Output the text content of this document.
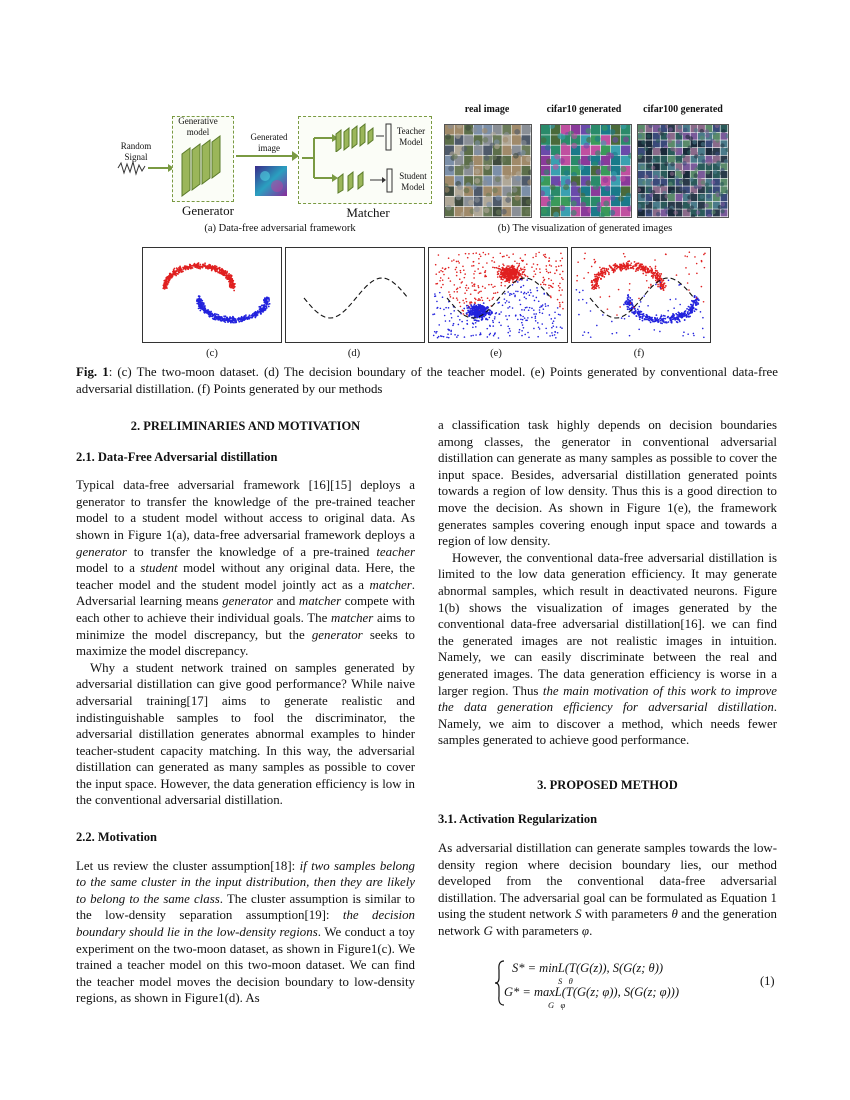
Random Signal
Generative model
Generator
Generated image
Teacher Model
Student Model
Matcher
(a) Data-free adversarial framework
real image	cifar10 generated	cifar100 generated
(b) The visualization of generated images
(c)	(d)	(e)	(f)
Fig. 1: (c) The two-moon dataset. (d) The decision boundary of the teacher model. (e) Points generated by conventional data-free adversarial distillation. (f) Points generated by our methods

2. PRELIMINARIES AND MOTIVATION

2.1. Data-Free Adversarial distillation

Typical data-free adversarial framework [16][15] deploys a generator to transfer the knowledge of the pre-trained teacher model to a student model without access to original data. As shown in Figure 1(a), data-free adversarial framework deploys a generator to transfer the knowledge of a pre-trained teacher model to a student model without any original data. Here, the teacher model and the student model jointly act as a matcher. Adversarial learning means generator and matcher compete with each other to achieve their individual goals. The matcher aims to minimize the model discrepancy, but the generator seeks to maximize the model discrepancy.

Why a student network trained on samples generated by adversarial distillation can give good performance? While naive adversarial training[17] aims to generate realistic and indistinguishable samples to fool the discriminator, the adversarial distillation generates abnormal examples to hinder teacher-student capacity matching. In this way, the adversarial distillation can generated as many samples as possible to cover the input space. However, the data generation efficiency is low in the conventional adversarial distillation.

2.2. Motivation

Let us review the cluster assumption[18]: if two samples belong to the same cluster in the input distribution, then they are likely to belong to the same class. The cluster assumption is similar to the low-density separation assumption[19]: the decision boundary should lie in the low-density regions. We conduct a toy experiment on the two-moon dataset, as shown in Figure1(c). We trained a teacher model on this two-moon dataset. We can find the teacher model moves the decision boundary to low-density regions, as shown in Figure1(d). As

a classification task highly depends on decision boundaries among classes, the generator in conventional adversarial distillation can generate as many samples as possible to cover the input space. Besides, adversarial distillation generated points towards a region of low density. Thus this is a good direction to move the decision. As shown in Figure 1(e), the framework generates samples covering enough input space and towards a region of low density.

However, the conventional data-free adversarial distillation is limited to the low data generation efficiency. It may generate abnormal samples, which result in deactivated neurons. Figure 1(b) shows the visualization of images generated by the conventional data-free adversarial distillation[16]. we can find the generated images are not realistic images in intuition. Namely, we can easily discriminate between the real and generated images. The data generation efficiency is worse in a larger region. Thus the main motivation of this work to improve the data generation efficiency for adversarial distillation. Namely, we aim to discover a method, which needs fewer samples generated to achieve good performance.

3. PROPOSED METHOD

3.1. Activation Regularization

As adversarial distillation can generate samples towards the low-density region where decision boundary lies, our method developed from the conventional data-free adversarial distillation. The adversarial goal can be formulated as Equation 1 using the student network S with parameters θ and the generation network G with parameters φ.

S* = minL(T(G(z)), S(G(z; θ))
S   θ
G* = maxL(T(G(z; φ)), S(G(z; φ)))
G   φ
(1)
